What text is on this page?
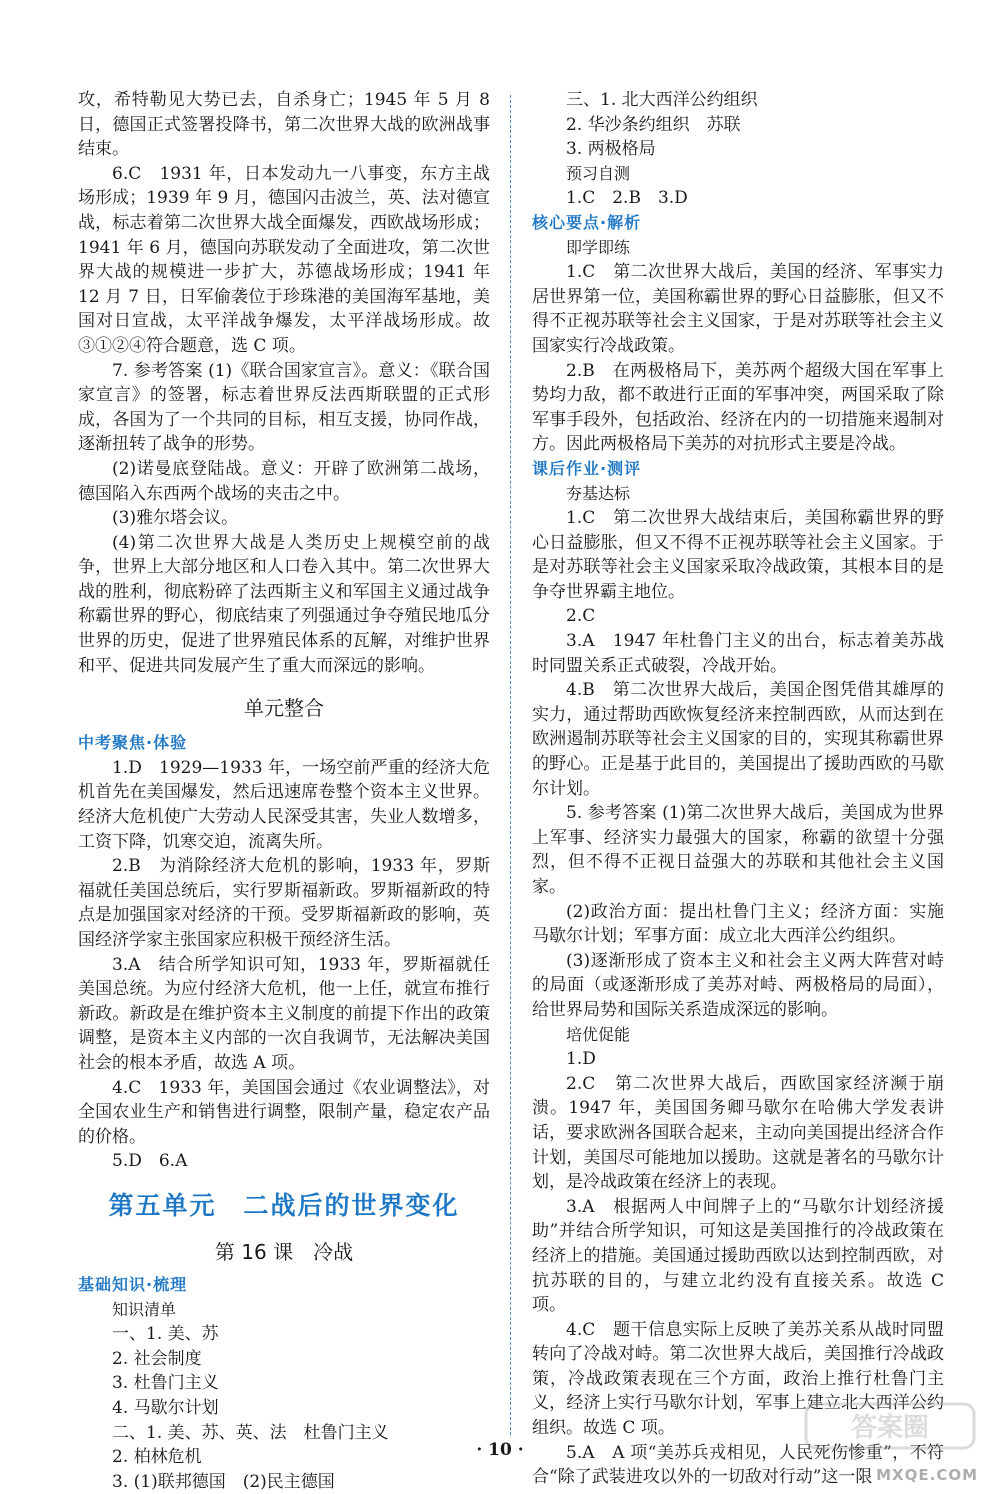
攻，希特勒见大势已去，自杀身亡；1945 年 5 月 8 日，德国正式签署投降书，第二次世界大战的欧洲战事结束。

6.C　1931 年，日本发动九一八事变，东方主战场形成；1939 年 9 月，德国闪击波兰，英、法对德宣战，标志着第二次世界大战全面爆发，西欧战场形成；1941 年 6 月，德国向苏联发动了全面进攻，第二次世界大战的规模进一步扩大，苏德战场形成；1941 年 12 月 7 日，日军偷袭位于珍珠港的美国海军基地，美国对日宣战，太平洋战争爆发，太平洋战场形成。故③①②④符合题意，选 C 项。

7. 参考答案 (1)《联合国家宣言》。意义：《联合国家宣言》的签署，标志着世界反法西斯联盟的正式形成，各国为了一个共同的目标，相互支援，协同作战，逐渐扭转了战争的形势。

(2)诺曼底登陆战。意义：开辟了欧洲第二战场，德国陷入东西两个战场的夹击之中。

(3)雅尔塔会议。

(4)第二次世界大战是人类历史上规模空前的战争，世界上大部分地区和人口卷入其中。第二次世界大战的胜利，彻底粉碎了法西斯主义和军国主义通过战争称霸世界的野心，彻底结束了列强通过争夺殖民地瓜分世界的历史，促进了世界殖民体系的瓦解，对维护世界和平、促进共同发展产生了重大而深远的影响。

单元整合

中考聚焦·体验

1.D　1929—1933 年，一场空前严重的经济大危机首先在美国爆发，然后迅速席卷整个资本主义世界。经济大危机使广大劳动人民深受其害，失业人数增多，工资下降，饥寒交迫，流离失所。

2.B　为消除经济大危机的影响，1933 年，罗斯福就任美国总统后，实行罗斯福新政。罗斯福新政的特点是加强国家对经济的干预。受罗斯福新政的影响，英国经济学家主张国家应积极干预经济生活。

3.A　结合所学知识可知，1933 年，罗斯福就任美国总统。为应付经济大危机，他一上任，就宣布推行新政。新政是在维护资本主义制度的前提下作出的政策调整，是资本主义内部的一次自我调节，无法解决美国社会的根本矛盾，故选 A 项。

4.C　1933 年，美国国会通过《农业调整法》，对全国农业生产和销售进行调整，限制产量，稳定农产品的价格。

5.D　6.A

第五单元　二战后的世界变化

第 16 课　冷战

基础知识·梳理

知识清单

一、1. 美、苏

2. 社会制度

3. 杜鲁门主义

4. 马歇尔计划

二、1. 美、苏、英、法　杜鲁门主义

2. 柏林危机

3. (1)联邦德国　(2)民主德国

三、1. 北大西洋公约组织

2. 华沙条约组织　苏联

3. 两极格局

预习自测

1.C　2.B　3.D

核心要点·解析

即学即练

1.C　第二次世界大战后，美国的经济、军事实力居世界第一位，美国称霸世界的野心日益膨胀，但又不得不正视苏联等社会主义国家，于是对苏联等社会主义国家实行冷战政策。

2.B　在两极格局下，美苏两个超级大国在军事上势均力敌，都不敢进行正面的军事冲突，两国采取了除军事手段外，包括政治、经济在内的一切措施来遏制对方。因此两极格局下美苏的对抗形式主要是冷战。

课后作业·测评

夯基达标

1.C　第二次世界大战结束后，美国称霸世界的野心日益膨胀，但又不得不正视苏联等社会主义国家。于是对苏联等社会主义国家采取冷战政策，其根本目的是争夺世界霸主地位。

2.C

3.A　1947 年杜鲁门主义的出台，标志着美苏战时同盟关系正式破裂，冷战开始。

4.B　第二次世界大战后，美国企图凭借其雄厚的实力，通过帮助西欧恢复经济来控制西欧，从而达到在欧洲遏制苏联等社会主义国家的目的，实现其称霸世界的野心。正是基于此目的，美国提出了援助西欧的马歇尔计划。

5. 参考答案 (1)第二次世界大战后，美国成为世界上军事、经济实力最强大的国家，称霸的欲望十分强烈，但不得不正视日益强大的苏联和其他社会主义国家。

(2)政治方面：提出杜鲁门主义；经济方面：实施马歇尔计划；军事方面：成立北大西洋公约组织。

(3)逐渐形成了资本主义和社会主义两大阵营对峙的局面（或逐渐形成了美苏对峙、两极格局的局面），给世界局势和国际关系造成深远的影响。

培优促能

1.D

2.C　第二次世界大战后，西欧国家经济濒于崩溃。1947 年，美国国务卿马歇尔在哈佛大学发表讲话，要求欧洲各国联合起来，主动向美国提出经济合作计划，美国尽可能地加以援助。这就是著名的马歇尔计划，是冷战政策在经济上的表现。

3.A　根据两人中间牌子上的“马歇尔计划经济援助”并结合所学知识，可知这是美国推行的冷战政策在经济上的措施。美国通过援助西欧以达到控制西欧，对抗苏联的目的，与建立北约没有直接关系。故选 C 项。

4.C　题干信息实际上反映了美苏关系从战时同盟转向了冷战对峙。第二次世界大战后，美国推行冷战政策，冷战政策表现在三个方面，政治上推行杜鲁门主义，经济上实行马歇尔计划，军事上建立北大西洋公约组织。故选 C 项。

5.A　A 项“美苏兵戎相见，人民死伤惨重”，不符合“除了武装进攻以外的一切敌对行动”这一限

· 10 ·
答案圈
MXQE.COM
